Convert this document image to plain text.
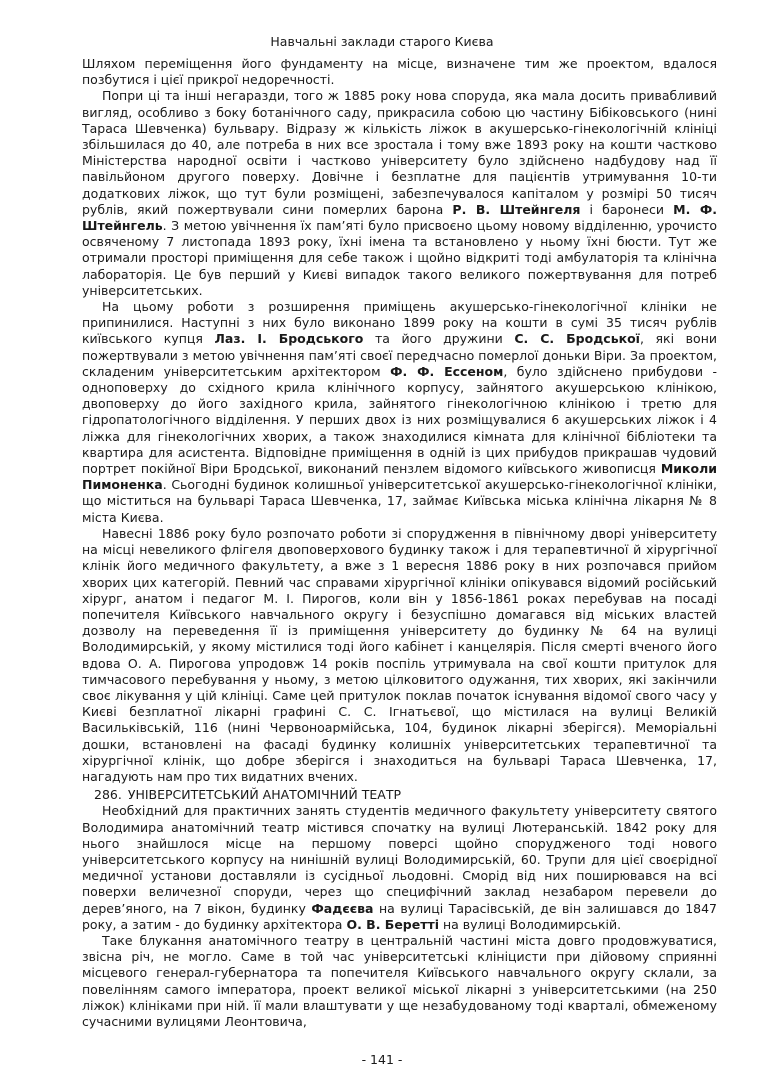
Навчальні заклади старого Києва

Шляхом переміщення його фундаменту на місце, визначене тим же проектом, вдалося позбутися і цієї прикрої недоречності.

Попри ці та інші негаразди, того ж 1885 року нова споруда, яка мала досить привабливий вигляд, особливо з боку ботанічного саду, прикрасила собою цю частину Бібіковського (нині Тараса Шевченка) бульвару. Відразу ж кількість ліжок в акушерсько-гінекологічній клініці збільшилася до 40, але потреба в них все зростала і тому вже 1893 року на кошти частково Міністерства народної освіти і частково університету було здійснено надбудову над її павільйоном другого поверху. Довічне і безплатне для пацієнтів утримування 10-ти додаткових ліжок, що тут були розміщені, забезпечувалося капіталом у розмірі 50 тисяч рублів, який пожертвували сини померлих барона Р. В. Штейнгеля і баронеси М. Ф. Штейнгель. З метою увічнення їх пам’яті було присвоєно цьому новому відділенню, урочисто освяченому 7 листопада 1893 року, їхні імена та встановлено у ньому їхні бюсти. Тут же отримали просторі приміщення для себе також і щойно відкриті тоді амбулаторія та клінічна лабораторія. Це був перший у Києві випадок такого великого пожертвування для потреб університетських.

На цьому роботи з розширення приміщень акушерсько-гінекологічної клініки не припинилися. Наступні з них було виконано 1899 року на кошти в сумі 35 тисяч рублів київського купця Лаз. І. Бродського та його дружини С. С. Бродської, які вони пожертвували з метою увічнення пам’яті своєї передчасно померлої доньки Віри. За проектом, складеним університетським архітектором Ф. Ф. Ессеном, було здійснено прибудови - одноповерху до східного крила клінічного корпусу, зайнятого акушерською клінікою, двоповерху до його західного крила, зайнятого гінекологічною клінікою і третю для гідропатологічного відділення. У перших двох із них розміщувалися 6 акушерських ліжок і 4 ліжка для гінекологічних хворих, а також знаходилися кімната для клінічної бібліотеки та квартира для асистента. Відповідне приміщення в одній із цих прибудов прикрашав чудовий портрет покійної Віри Бродської, виконаний пензлем відомого київського живописця Миколи Пимоненка. Сьогодні будинок колишньої університетської акушерсько-гінекологічної клініки, що міститься на бульварі Тараса Шевченка, 17, займає Київська міська клінічна лікарня № 8 міста Києва.

Навесні 1886 року було розпочато роботи зі спорудження в північному дворі університету на місці невеликого флігеля двоповерхового будинку також і для терапевтичної й хірургічної клінік його медичного факультету, а вже з 1 вересня 1886 року в них розпочався прийом хворих цих категорій. Певний час справами хірургічної клініки опікувався відомий російський хірург, анатом і педагог М. І. Пирогов, коли він у 1856-1861 роках перебував на посаді попечителя Київського навчального округу і безуспішно домагався від міських властей дозволу на переведення її із приміщення університету до будинку № 64 на вулиці Володимирській, у якому містилися тоді його кабінет і канцелярія. Після смерті вченого його вдова О. А. Пирогова упродовж 14 років поспіль утримувала на свої кошти притулок для тимчасового перебування у ньому, з метою цілковитого одужання, тих хворих, які закінчили своє лікування у цій клініці. Саме цей притулок поклав початок існування відомої свого часу у Києві безплатної лікарні графині С. С. Ігнатьєвої, що містилася на вулиці Великій Васильківській, 116 (нині Червоноармійська, 104, будинок лікарні зберігся). Меморіальні дошки, встановлені на фасаді будинку колишніх університетських терапевтичної та хірургічної клінік, що добре зберігся і знаходиться на бульварі Тараса Шевченка, 17, нагадують нам про тих видатних вчених.

286. УНІВЕРСИТЕТСЬКИЙ АНАТОМІЧНИЙ ТЕАТР

Необхідний для практичних занять студентів медичного факультету університету святого Володимира анатомічний театр містився спочатку на вулиці Лютеранській. 1842 року для нього знайшлося місце на першому поверсі щойно спорудженого тоді нового університетського корпусу на нинішній вулиці Володимирській, 60. Трупи для цієї своєрідної медичної установи доставляли із сусідньої льодовні. Сморід від них поширювався на всі поверхи величезної споруди, через що специфічний заклад незабаром перевели до дерев’яного, на 7 вікон, будинку Фадєєва на вулиці Тарасівській, де він залишався до 1847 року, а затим - до будинку архітектора О. В. Беретті на вулиці Володимирській.

Таке блукання анатомічного театру в центральній частині міста довго продовжуватися, звісна річ, не могло. Саме в той час університетські клініцисти при дійовому сприянні місцевого генерал-губернатора та попечителя Київського навчального округу склали, за повелінням самого імператора, проект великої міської лікарні з університетськими (на 250 ліжок) клініками при ній. її мали влаштувати у ще незабудованому тоді кварталі, обмеженому сучасними вулицями Леонтовича,

- 141 -
